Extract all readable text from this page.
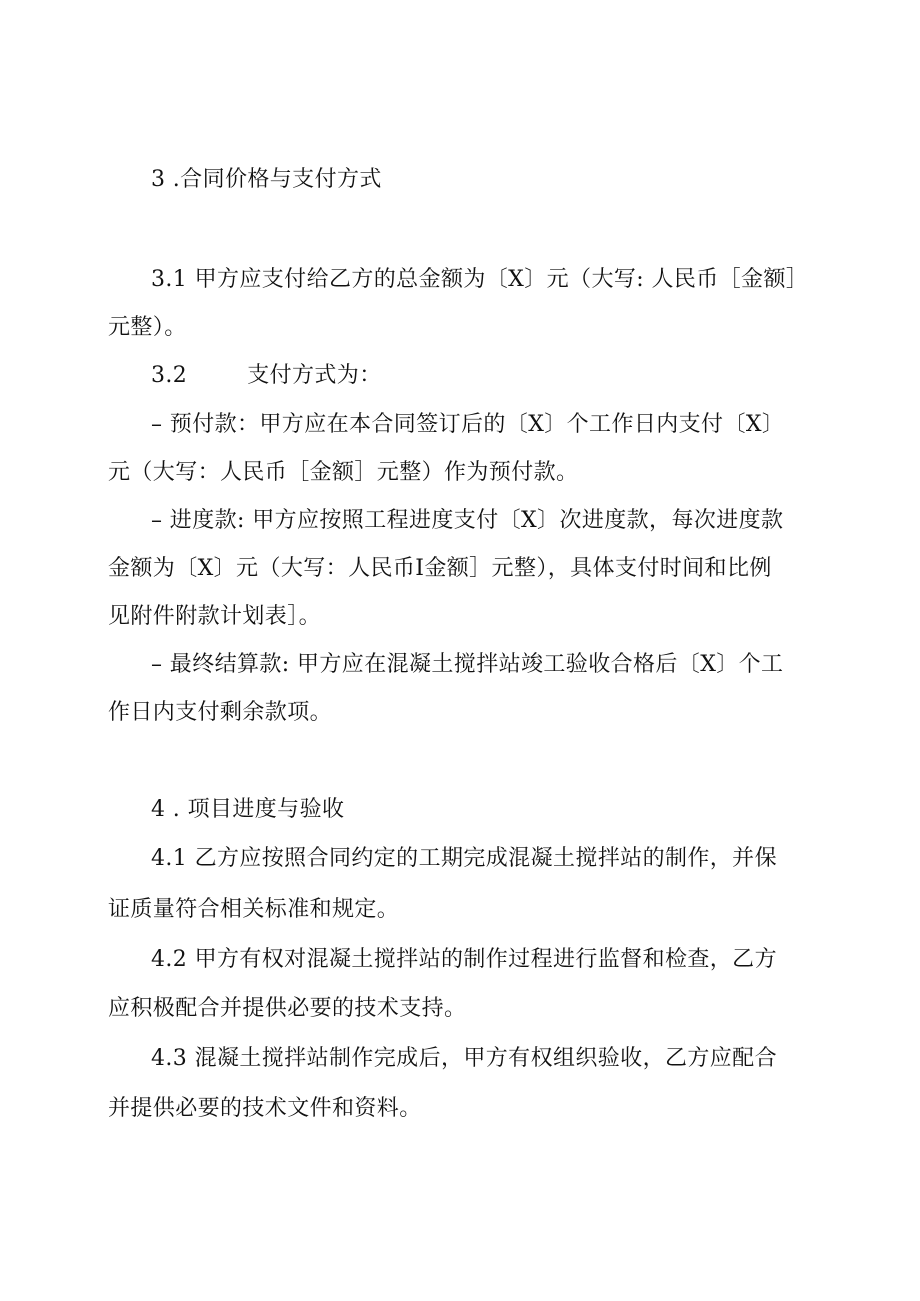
3 .合同价格与支付方式
3.1 甲方应支付给乙方的总金额为〔X〕元（大写: 人民币［金额］
元整）。
3.2	支付方式为：
– 预付款：甲方应在本合同签订后的〔X〕个工作日内支付〔X〕
元（大写：人民币［金额］元整）作为预付款。
– 进度款: 甲方应按照工程进度支付〔X〕次进度款，每次进度款
金额为〔X〕元（大写：人民币I金额］元整），具体支付时间和比例
见附件附款计划表］。
– 最终结算款: 甲方应在混凝土搅拌站竣工验收合格后〔X〕个工
作日内支付剩余款项。
4 . 项目进度与验收
4.1 乙方应按照合同约定的工期完成混凝土搅拌站的制作，并保
证质量符合相关标准和规定。
4.2 甲方有权对混凝土搅拌站的制作过程进行监督和检查，乙方
应积极配合并提供必要的技术支持。
4.3 混凝土搅拌站制作完成后，甲方有权组织验收，乙方应配合
并提供必要的技术文件和资料。
